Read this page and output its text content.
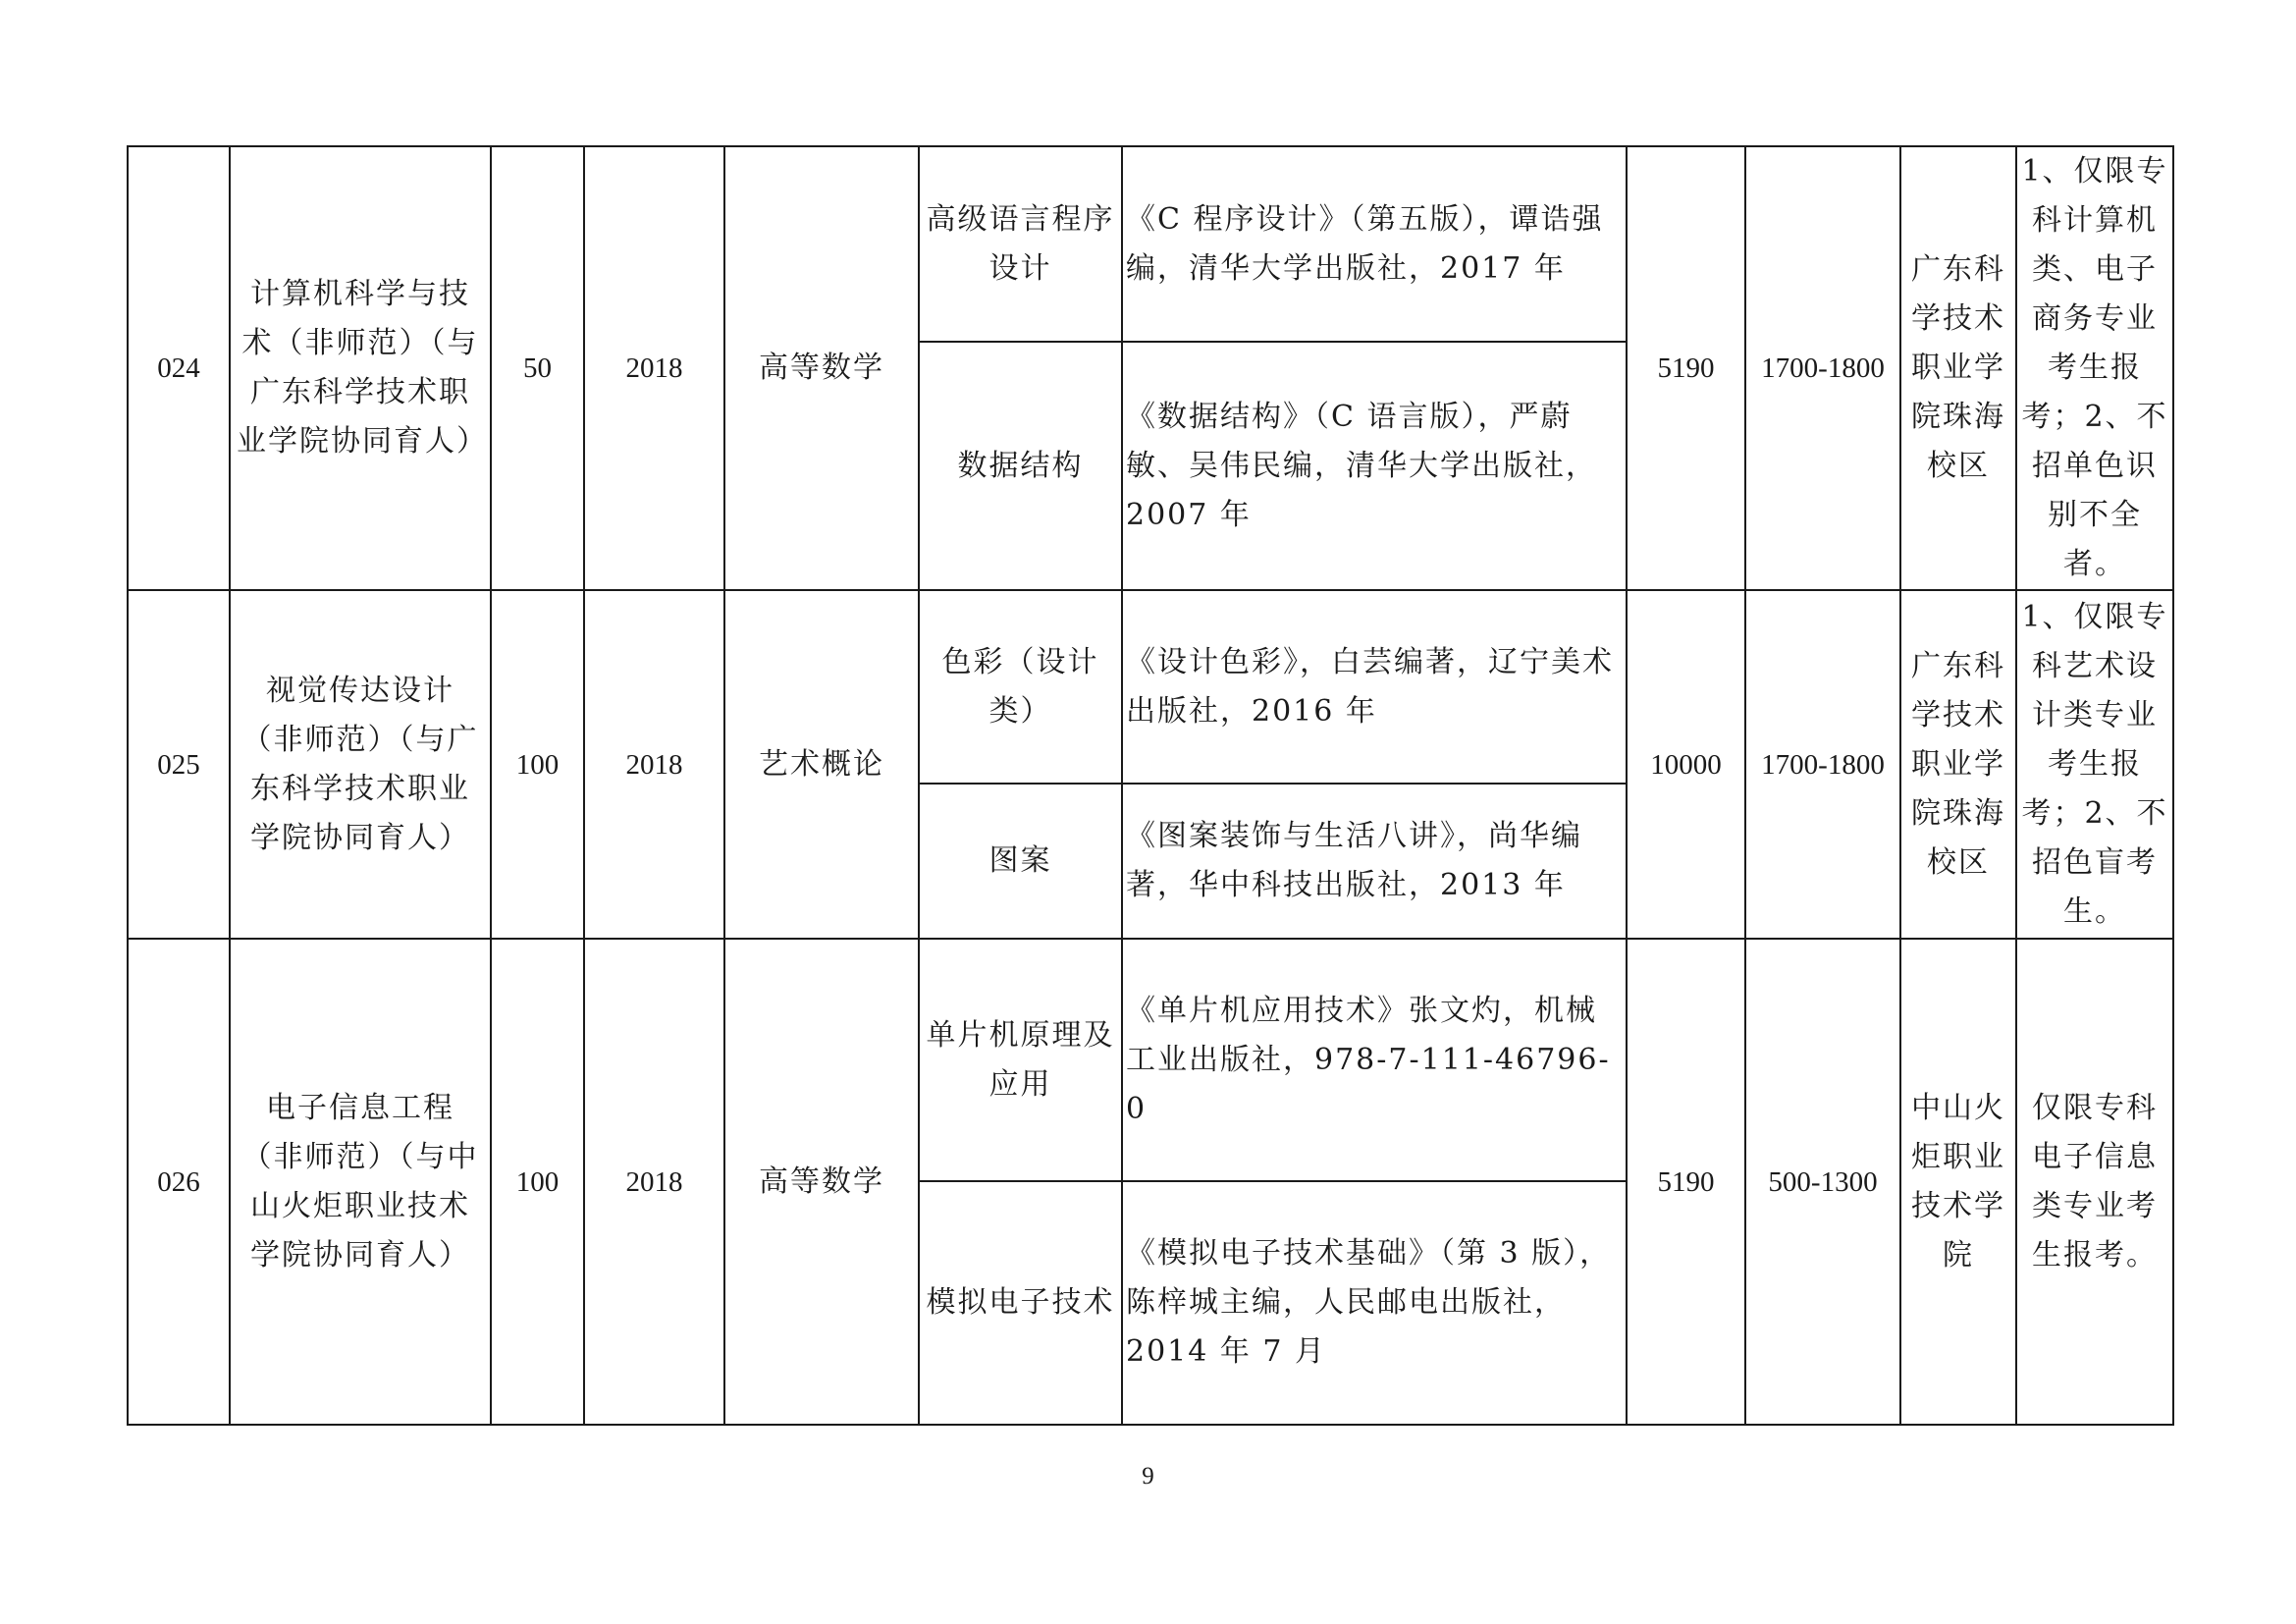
024	计算机科学与技术（非师范）（与广东科学技术职业学院协同育人）	50	2018	高等数学	高级语言程序设计	《C 程序设计》（第五版），谭诰强编，清华大学出版社，2017 年	5190	1700-1800	广东科学技术职业学院珠海校区	1、仅限专科计算机类、电子商务专业考生报考；2、不招单色识别不全者。
					数据结构	《数据结构》（C 语言版），严蔚敏、吴伟民编，清华大学出版社，2007 年				
025	视觉传达设计（非师范）（与广东科学技术职业学院协同育人）	100	2018	艺术概论	色彩（设计类）	《设计色彩》，白芸编著，辽宁美术出版社，2016 年	10000	1700-1800	广东科学技术职业学院珠海校区	1、仅限专科艺术设计类专业考生报考；2、不招色盲考生。
					图案	《图案装饰与生活八讲》，尚华编著，华中科技出版社，2013 年				
026	电子信息工程（非师范）（与中山火炬职业技术学院协同育人）	100	2018	高等数学	单片机原理及应用	《单片机应用技术》张文灼，机械工业出版社，978-7-111-46796-0	5190	500-1300	中山火炬职业技术学院	仅限专科电子信息类专业考生报考。
					模拟电子技术	《模拟电子技术基础》（第 3 版），陈梓城主编，人民邮电出版社，2014 年 7 月				
9
